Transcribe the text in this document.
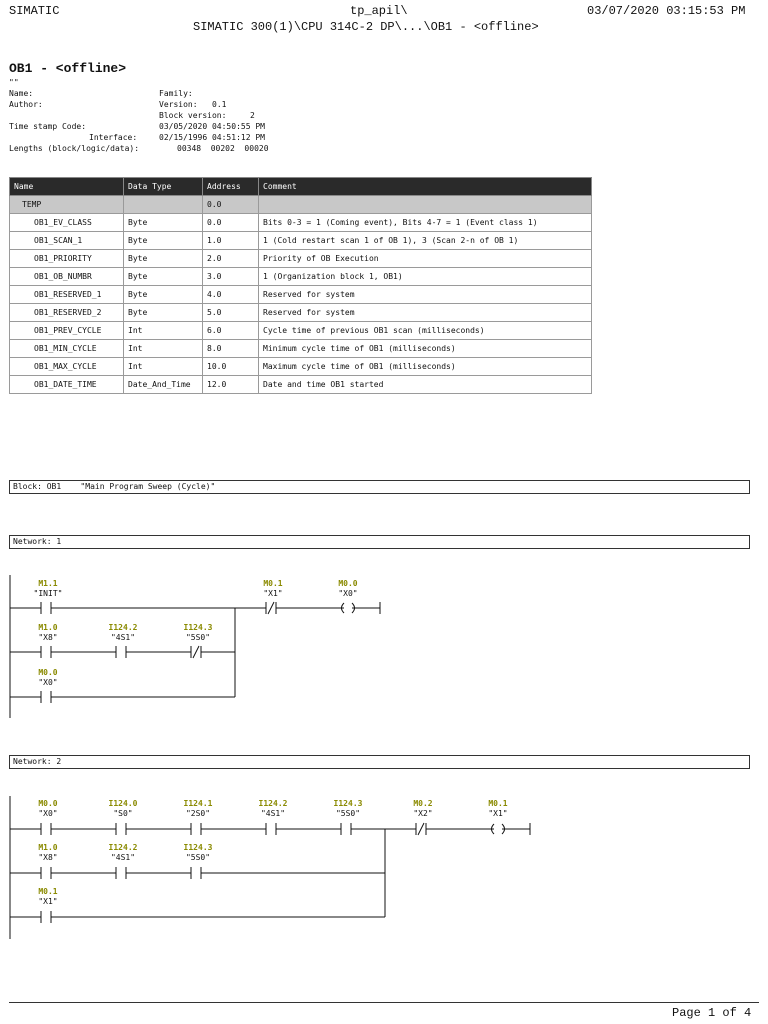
SIMATIC	tp_apil\
SIMATIC 300(1)\CPU 314C-2 DP\...\OB1 - <offline>
03/07/2020 03:15:53 PM
OB1 - <offline>
""
Name:	Family:
Author:	Version: 0.1
Block version:	2
Time stamp Code:	03/05/2020 04:50:55 PM
Interface:	02/15/1996 04:51:12 PM
Lengths (block/logic/data):	00348  00202  00020
Name	Data Type	Address	Comment
TEMP		0.0	
OB1_EV_CLASS	Byte	0.0	Bits 0-3 = 1 (Coming event), Bits 4-7 = 1 (Event class 1)
OB1_SCAN_1	Byte	1.0	1 (Cold restart scan 1 of OB 1), 3 (Scan 2-n of OB 1)
OB1_PRIORITY	Byte	2.0	Priority of OB Execution
OB1_OB_NUMBR	Byte	3.0	1 (Organization block 1, OB1)
OB1_RESERVED_1	Byte	4.0	Reserved for system
OB1_RESERVED_2	Byte	5.0	Reserved for system
OB1_PREV_CYCLE	Int	6.0	Cycle time of previous OB1 scan (milliseconds)
OB1_MIN_CYCLE	Int	8.0	Minimum cycle time of OB1 (milliseconds)
OB1_MAX_CYCLE	Int	10.0	Maximum cycle time of OB1 (milliseconds)
OB1_DATE_TIME	Date_And_Time	12.0	Date and time OB1 started
Block: OB1    "Main Program Sweep (Cycle)"
Network: 1
M1.1
"INIT"
M1.0
"X8"
I124.2
"4S1"
I124.3
"5S0"
M0.0
"X0"
M0.1
"X1"
M0.0
"X0"
Network: 2
M0.0
"X0"
I124.0
"S0"
I124.1
"2S0"
I124.2
"4S1"
I124.3
"5S0"
M0.2
"X2"
M0.1
"X1"
M1.0
"X8"
I124.2
"4S1"
I124.3
"5S0"
M0.1
"X1"
Page 1 of 4
